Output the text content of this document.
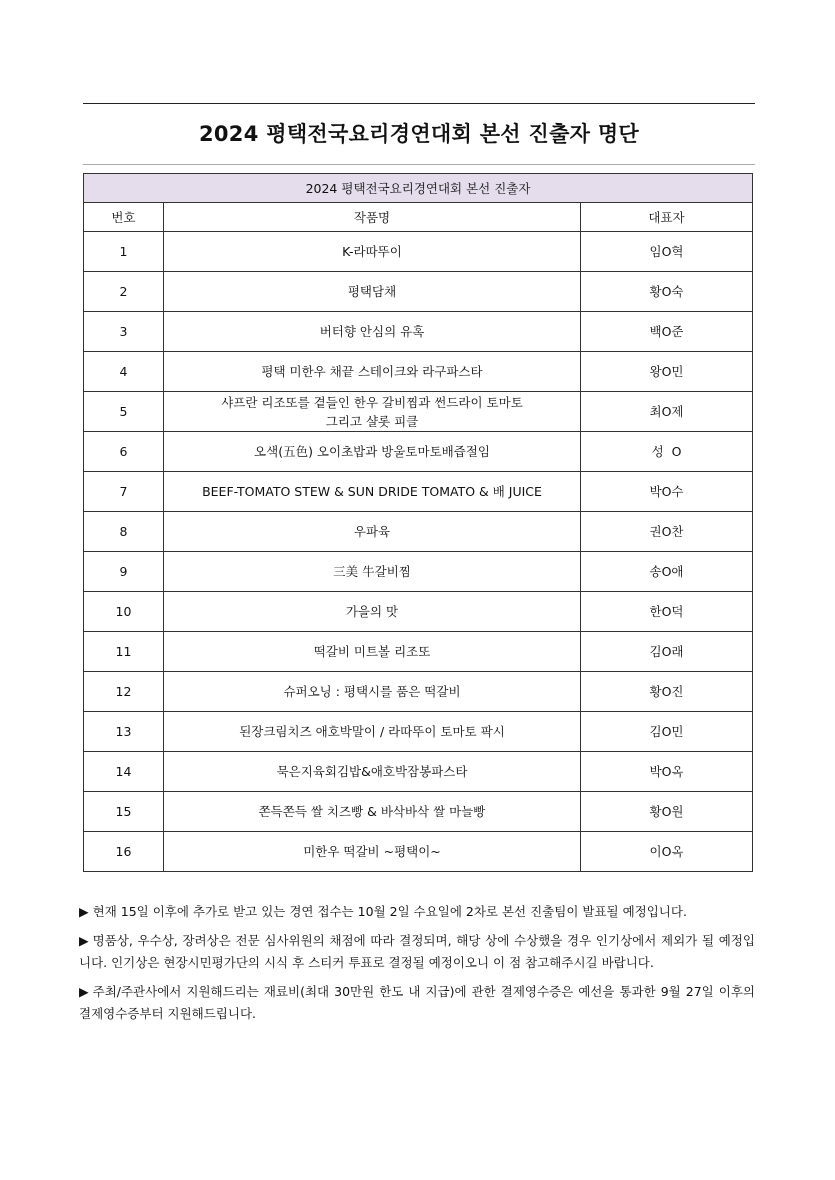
2024 평택전국요리경연대회 본선 진출자 명단
2024 평택전국요리경연대회 본선 진출자		
번호	작품명	대표자
1	K-라따뚜이	임O혁
2	평택담채	황O숙
3	버터향 안심의 유혹	백O준
4	평택 미한우 채끝 스테이크와 라구파스타	왕O민
5	샤프란 리조또를 곁들인 한우 갈비찜과 썬드라이 토마토
그리고 샬롯 피클	최O제
6	오색(五色) 오이초밥과 방울토마토배즙절임	성  O
7	BEEF-TOMATO STEW & SUN DRIDE TOMATO & 배 JUICE	박O수
8	우파육	권O찬
9	三美 牛갈비찜	송O애
10	가을의 맛	한O덕
11	떡갈비 미트볼 리조또	김O래
12	슈퍼오닝 : 평택시를 품은 떡갈비	황O진
13	된장크림치즈 애호박말이 / 라따뚜이 토마토 팍시	김O민
14	묵은지육회김밥&애호박잠봉파스타	박O옥
15	쫀득쫀득 쌀 치즈빵 & 바삭바삭 쌀 마늘빵	황O원
16	미한우 떡갈비 ~평택이~	이O옥

▶ 현재 15일 이후에 추가로 받고 있는 경연 접수는 10월 2일 수요일에 2차로 본선 진출팀이 발표될 예정입니다.

▶ 명품상, 우수상, 장려상은 전문 심사위원의 채점에 따라 결정되며, 해당 상에 수상했을 경우 인기상에서 제외가 될 예정입니다. 인기상은 현장시민평가단의 시식 후 스티커 투표로 결정될 예정이오니 이 점 참고해주시길 바랍니다.

▶ 주최/주관사에서 지원해드리는 재료비(최대 30만원 한도 내 지급)에 관한 결제영수증은 예선을 통과한 9월 27일 이후의 결제영수증부터 지원해드립니다.
